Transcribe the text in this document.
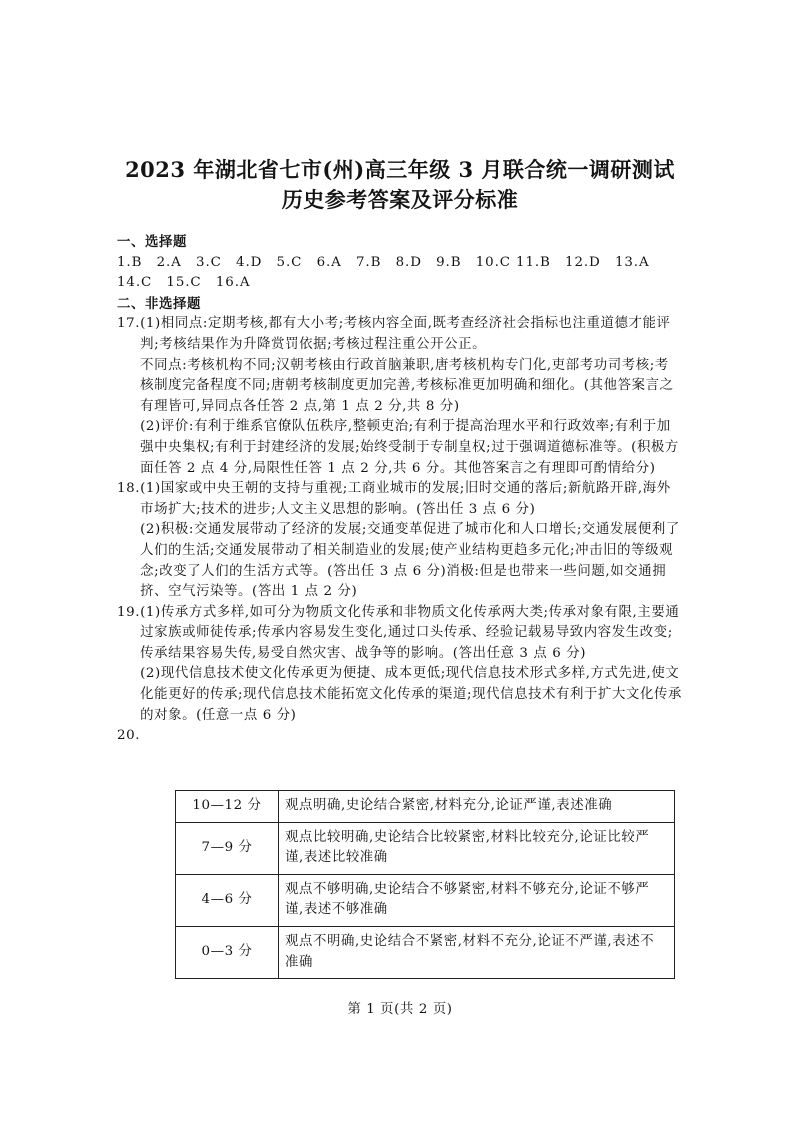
2023 年湖北省七市(州)高三年级 3 月联合统一调研测试
历史参考答案及评分标准

一、选择题

1.B　2.A　3.C　4.D　5.C　6.A　7.B　8.D　9.B　10.C 11.B　12.D　13.A

14.C　15.C　16.A

二、非选择题

17. (1)相同点:定期考核,都有大小考;考核内容全面,既考查经济社会指标也注重道德才能评判;考核结果作为升降赏罚依据;考核过程注重公开公正。

不同点:考核机构不同;汉朝考核由行政首脑兼职,唐考核机构专门化,吏部考功司考核;考核制度完备程度不同;唐朝考核制度更加完善,考核标准更加明确和细化。(其他答案言之有理皆可,异同点各任答 2 点,第 1 点 2 分,共 8 分)

(2)评价:有利于维系官僚队伍秩序,整顿吏治;有利于提高治理水平和行政效率;有利于加强中央集权;有利于封建经济的发展;始终受制于专制皇权;过于强调道德标准等。(积极方面任答 2 点 4 分,局限性任答 1 点 2 分,共 6 分。其他答案言之有理即可酌情给分)

18. (1)国家或中央王朝的支持与重视;工商业城市的发展;旧时交通的落后;新航路开辟,海外市场扩大;技术的进步;人文主义思想的影响。(答出任 3 点 6 分)

(2)积极:交通发展带动了经济的发展;交通变革促进了城市化和人口增长;交通发展便利了人们的生活;交通发展带动了相关制造业的发展;使产业结构更趋多元化;冲击旧的等级观念;改变了人们的生活方式等。(答出任 3 点 6 分)消极:但是也带来一些问题,如交通拥挤、空气污染等。(答出 1 点 2 分)

19. (1)传承方式多样,如可分为物质文化传承和非物质文化传承两大类;传承对象有限,主要通过家族或师徒传承;传承内容易发生变化,通过口头传承、经验记载易导致内容发生改变;传承结果容易失传,易受自然灾害、战争等的影响。(答出任意 3 点 6 分)

(2)现代信息技术使文化传承更为便捷、成本更低;现代信息技术形式多样,方式先进,使文化能更好的传承;现代信息技术能拓宽文化传承的渠道;现代信息技术有利于扩大文化传承的对象。(任意一点 6 分)

20.

10—12 分	观点明确,史论结合紧密,材料充分,论证严谨,表述准确
7—9 分	观点比较明确,史论结合比较紧密,材料比较充分,论证比较严谨,表述比较准确
4—6 分	观点不够明确,史论结合不够紧密,材料不够充分,论证不够严谨,表述不够准确
0—3 分	观点不明确,史论结合不紧密,材料不充分,论证不严谨,表述不准确
第 1 页(共 2 页)
